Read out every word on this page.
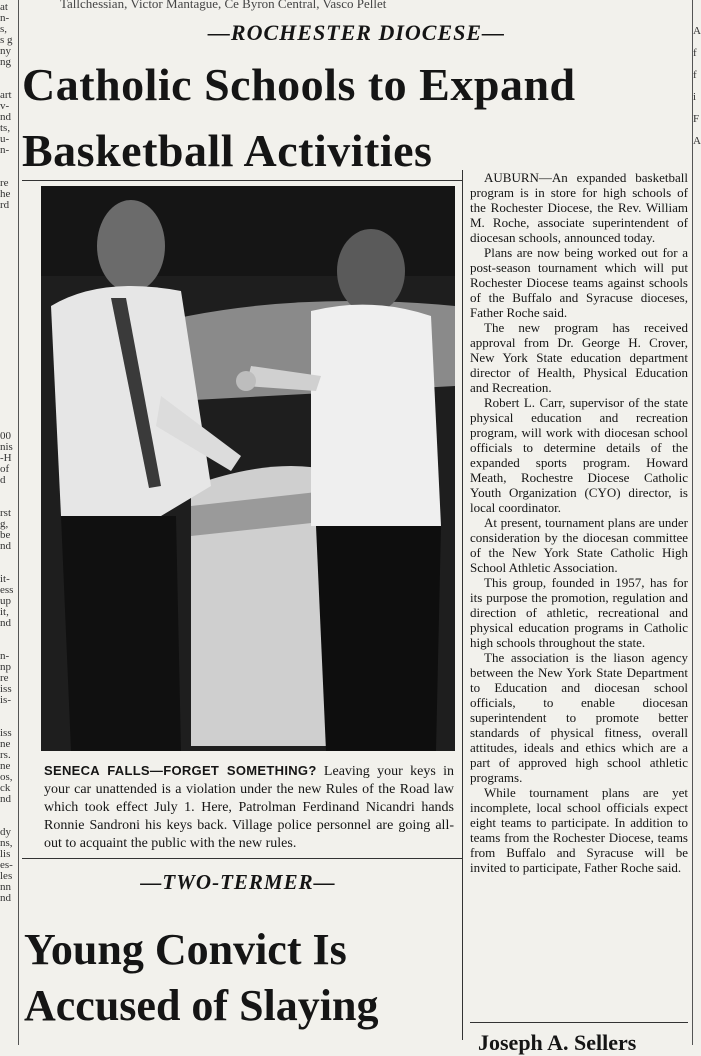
Tallchessian, Victor Mantague, Ce Byron Central, Vasco Pellet
at
n-
s,
s g
ny
ng
art
v-
nd
ts,
u-
n-
re
he
rd
00
nis
-H
of
d
rst
g,
be
nd
it-
ess
up
it,
nd
n-
np
re
iss
is-
iss
ne
rs.
ne
os,
ck
nd
dy
ns,
lis
es-
les
nn
nd
A
f
f
i
F
A
—ROCHESTER DIOCESE—
Catholic Schools to Expand Basketball Activities
SENECA FALLS—FORGET SOMETHING? Leaving your keys in your car unattended is a violation under the new Rules of the Road law which took effect July 1. Here, Patrolman Ferdinand Nicandri hands Ronnie Sandroni his keys back. Village police personnel are going all-out to acquaint the public with the new rules.
—TWO-TERMER—
Young Convict Is Accused of Slaying

AUBURN—An expanded basketball program is in store for high schools of the Rochester Diocese, the Rev. William M. Roche, associate superintendent of diocesan schools, announced today.

Plans are now being worked out for a post-season tournament which will put Rochester Diocese teams against schools of the Buffalo and Syracuse dioceses, Father Roche said.

The new program has received approval from Dr. George H. Crover, New York State education department director of Health, Physical Education and Recreation.

Robert L. Carr, supervisor of the state physical education and recreation program, will work with diocesan school officials to determine details of the expanded sports program. Howard Meath, Rochestre Diocese Catholic Youth Organization (CYO) director, is local coordinator.

At present, tournament plans are under consideration by the diocesan committee of the New York State Catholic High School Athletic Association.

This group, founded in 1957, has for its purpose the promotion, regulation and direction of athletic, recreational and physical education programs in Catholic high schools throughout the state.

The association is the liason agency between the New York State Department to Education and diocesan school officials, to enable diocesan superintendent to promote better standards of physical fitness, overall attitudes, ideals and ethics which are a part of approved high school athletic programs.

While tournament plans are yet incomplete, local school officials expect eight teams to participate. In addition to teams from the Rochester Diocese, teams from Buffalo and Syracuse will be invited to participate, Father Roche said.

Joseph A. Sellers
